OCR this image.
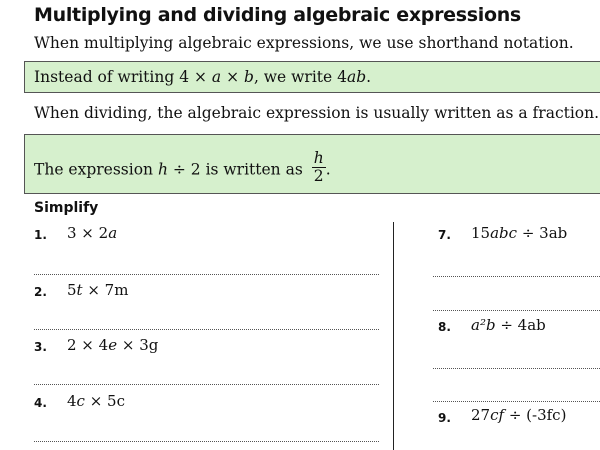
Multiplying and dividing algebraic expressions
When multiplying algebraic expressions, we use shorthand notation.
Instead of writing 4 × a × b, we write 4ab.
When dividing, the algebraic expression is usually written as a fraction.
The expression h ÷ 2 is written as $\frac{h}{2}$ .
Simplify
1. 3 × 2a
2. 5t × 7m
3. 2 × 4e × 3g
4. 4c × 5c
7. 15abc ÷ 3ab
8. a²b ÷ 4ab
9. 27cf ÷ (-3fc)
